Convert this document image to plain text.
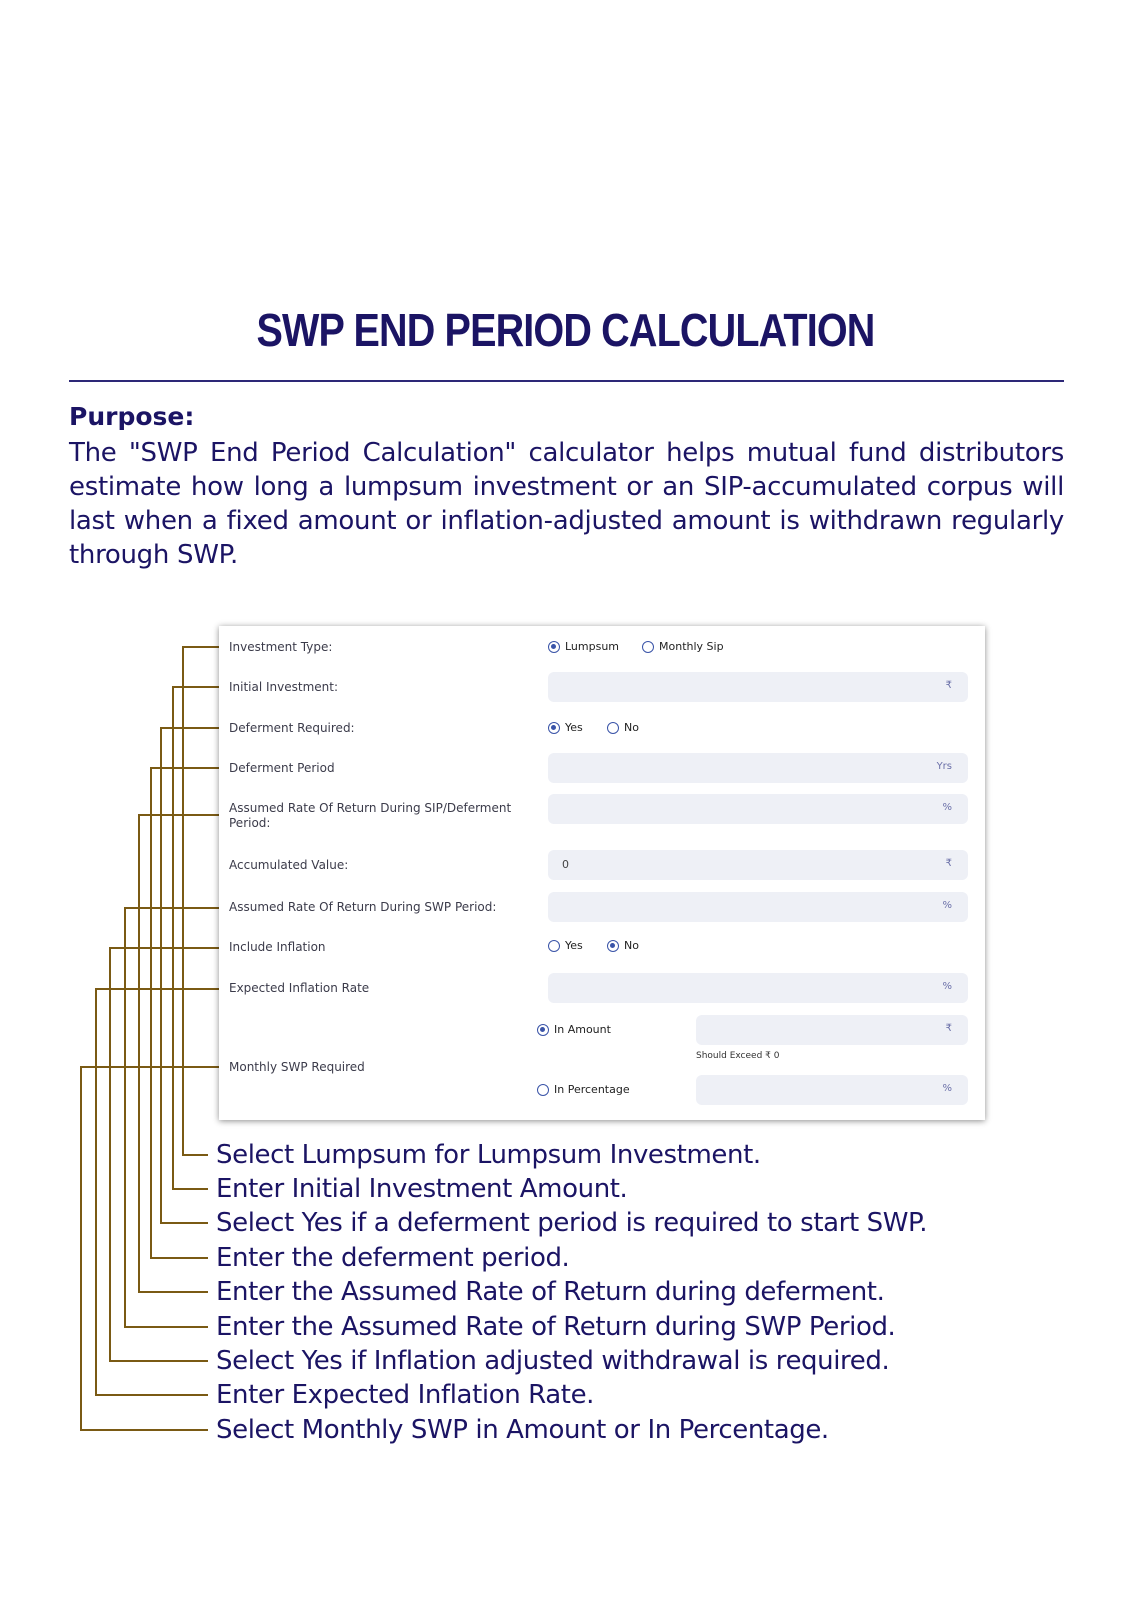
SWP END PERIOD CALCULATION
Purpose:
The "SWP End Period Calculation" calculator helps mutual fund distributors estimate how long a lumpsum investment or an SIP-accumulated corpus will last when a fixed amount or inflation-adjusted amount is withdrawn regularly through SWP.
Investment Type:	Lumpsum	Monthly Sip
Initial Investment:	₹
Deferment Required:	Yes	No
Deferment Period	Yrs
Assumed Rate Of Return During SIP/Deferment Period:
%
Accumulated Value:	0	₹
Assumed Rate Of Return During SWP Period:	%
Include Inflation	Yes	No
Expected Inflation Rate	%
In Amount	₹
Should Exceed ₹ 0
Monthly SWP Required
In Percentage	%
Select Lumpsum for Lumpsum Investment.
Enter Initial Investment Amount.
Select Yes if a deferment period is required to start SWP.
Enter the deferment period.
Enter the Assumed Rate of Return during deferment.
Enter the Assumed Rate of Return during SWP Period.
Select Yes if Inflation adjusted withdrawal is required.
Enter Expected Inflation Rate.
Select Monthly SWP in Amount or In Percentage.
